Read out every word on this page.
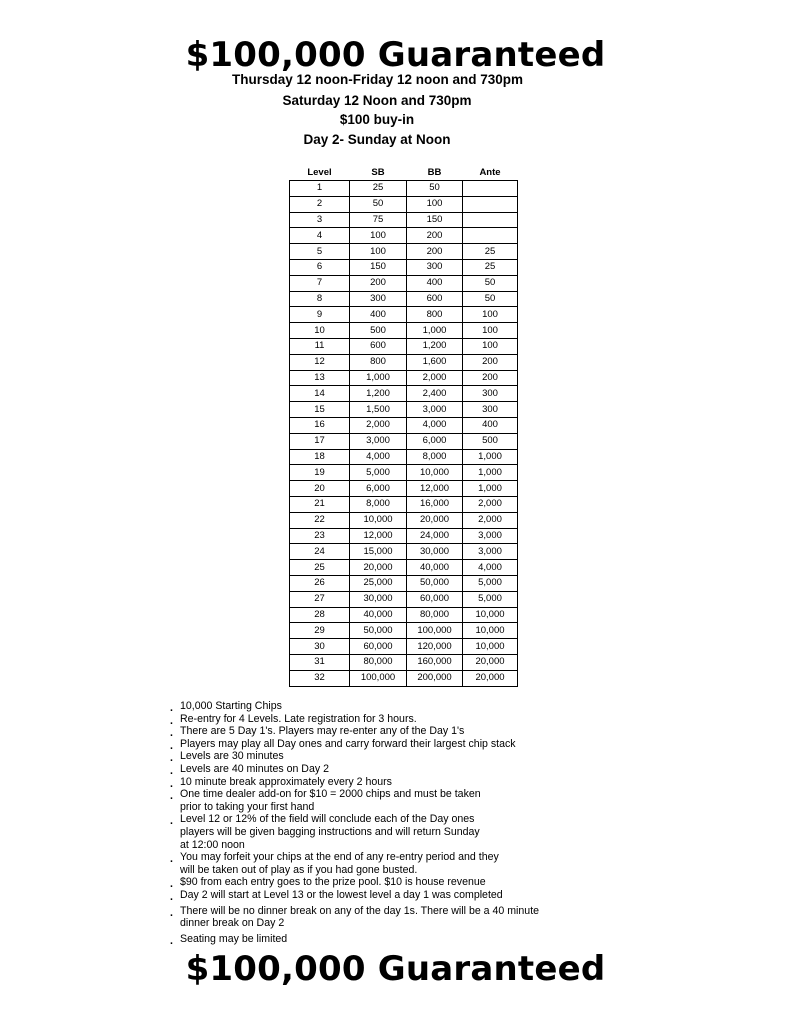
$100,000 Guaranteed
Thursday 12 noon-Friday 12 noon and 730pm
Saturday 12 Noon and 730pm
$100 buy-in
Day 2- Sunday at Noon
Level	SB	BB	Ante
1	25	50	
2	50	100	
3	75	150	
4	100	200	
5	100	200	25
6	150	300	25
7	200	400	50
8	300	600	50
9	400	800	100
10	500	1,000	100
11	600	1,200	100
12	800	1,600	200
13	1,000	2,000	200
14	1,200	2,400	300
15	1,500	3,000	300
16	2,000	4,000	400
17	3,000	6,000	500
18	4,000	8,000	1,000
19	5,000	10,000	1,000
20	6,000	12,000	1,000
21	8,000	16,000	2,000
22	10,000	20,000	2,000
23	12,000	24,000	3,000
24	15,000	30,000	3,000
25	20,000	40,000	4,000
26	25,000	50,000	5,000
27	30,000	60,000	5,000
28	40,000	80,000	10,000
29	50,000	100,000	10,000
30	60,000	120,000	10,000
31	80,000	160,000	20,000
32	100,000	200,000	20,000
. 10,000 Starting Chips
. Re-entry for 4 Levels. Late registration for 3 hours.
. There are 5 Day 1's. Players may re-enter any of the Day 1's
. Players may play all Day ones and carry forward their largest chip stack
. Levels are 30 minutes
. Levels are 40 minutes on Day 2
. 10 minute break approximately every 2 hours
. One time dealer add-on for $10 = 2000 chips and must be taken
prior to taking your first hand
. Level 12 or 12% of the field will conclude each of the Day ones
players will be given bagging instructions and will return Sunday
at 12:00 noon
. You may forfeit your chips at the end of any re-entry period and they
will be taken out of play as if you had gone busted.
. $90 from each entry goes to the prize pool. $10 is house revenue
. Day 2 will start at Level 13 or the lowest level a day 1 was completed
. There will be no dinner break on any of the day 1s. There will be a 40 minute
dinner break on Day 2
. Seating may be limited
$100,000 Guaranteed
